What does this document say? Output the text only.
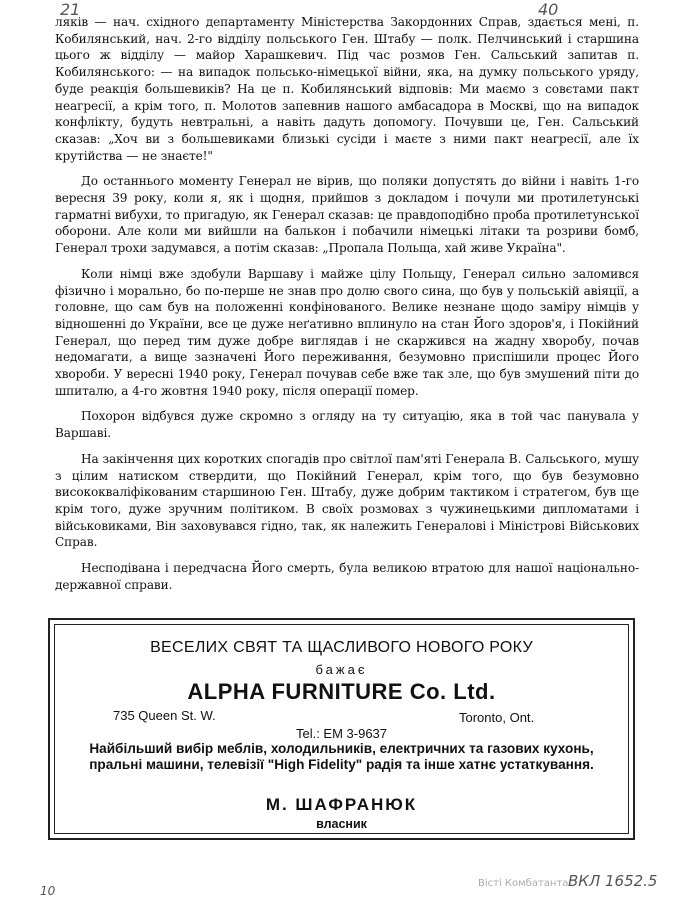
21	40

ляків — нач. східного департаменту Міністерства Закордонних Справ, здається мені, п. Кобилянський, нач. 2-го відділу польського Ген. Штабу — полк. Пелчинський і старшина цього ж відділу — майор Харашкевич. Під час розмов Ген. Сальський запитав п. Кобилянського: — на випадок польсько-німецької війни, яка, на думку польського уряду, буде реакція большевиків? На це п. Кобилянський відповів: Ми маємо з совєтами пакт неагресії, а крім того, п. Молотов запевнив нашого амбасадора в Москві, що на випадок конфлікту, будуть невтральні, а навіть дадуть допомогу. Почувши це, Ген. Сальський сказав: „Хоч ви з большевиками близькі сусіди і маєте з ними пакт неагресії, але їх крутійства — не знаєте!"

До останнього моменту Генерал не вірив, що поляки допустять до війни і навіть 1-го вересня 39 року, коли я, як і щодня, прийшов з докладом і почули ми протилетунські гарматні вибухи, то пригадую, як Генерал сказав: це правдоподібно проба протилетунської оборони. Але коли ми вийшли на балькон і побачили німецькі літаки та розриви бомб, Генерал трохи задумався, а потім сказав: „Пропала Польща, хай живе Україна".

Коли німці вже здобули Варшаву і майже цілу Польщу, Генерал сильно заломився фізично і морально, бо по-перше не знав про долю свого сина, що був у польській авіяції, а головне, що сам був на положенні конфінованого. Велике незнане щодо заміру німців у відношенні до України, все це дуже неґативно вплинуло на стан Його здоров'я, і Покійний Генерал, що перед тим дуже добре виглядав і не скаржився на жадну хворобу, почав недомагати, а вище зазначені Його переживання, безумовно приспішили процес Його хвороби. У вересні 1940 року, Генерал почував себе вже так зле, що був змушений піти до шпиталю, а 4-го жовтня 1940 року, після операції помер.

Похорон відбувся дуже скромно з огляду на ту ситуацію, яка в той час панувала у Варшаві.

На закінчення цих коротких спогадів про світлої пам'яті Генерала В. Сальського, мушу з цілим натиском ствердити, що Покійний Генерал, крім того, що був безумовно висококваліфікованим старшиною Ген. Штабу, дуже добрим тактиком і стратегом, був ще крім того, дуже зручним політиком. В своїх розмовах з чужинецькими дипломатами і військовиками, Він заховувався гідно, так, як належить Генералові і Міністрові Військових Справ.

Несподівана і передчасна Його смерть, була великою втратою для нашої національно-державної справи.

ВЕСЕЛИХ СВЯТ ТА ЩАСЛИВОГО НОВОГО РОКУ
бажає
ALPHA FURNITURE Co. Ltd.
735 Queen St. W.	Toronto, Ont.
Tel.: EM 3-9637
Найбільший вибір меблів, холодильників, електричних та газових кухонь, пральні машини, телевізії "High Fidelity" радія та інше хатнє устаткування.
М. ШАФРАНЮК
власник
10
Вісті Комбатанта ВКЛ 1652.5
